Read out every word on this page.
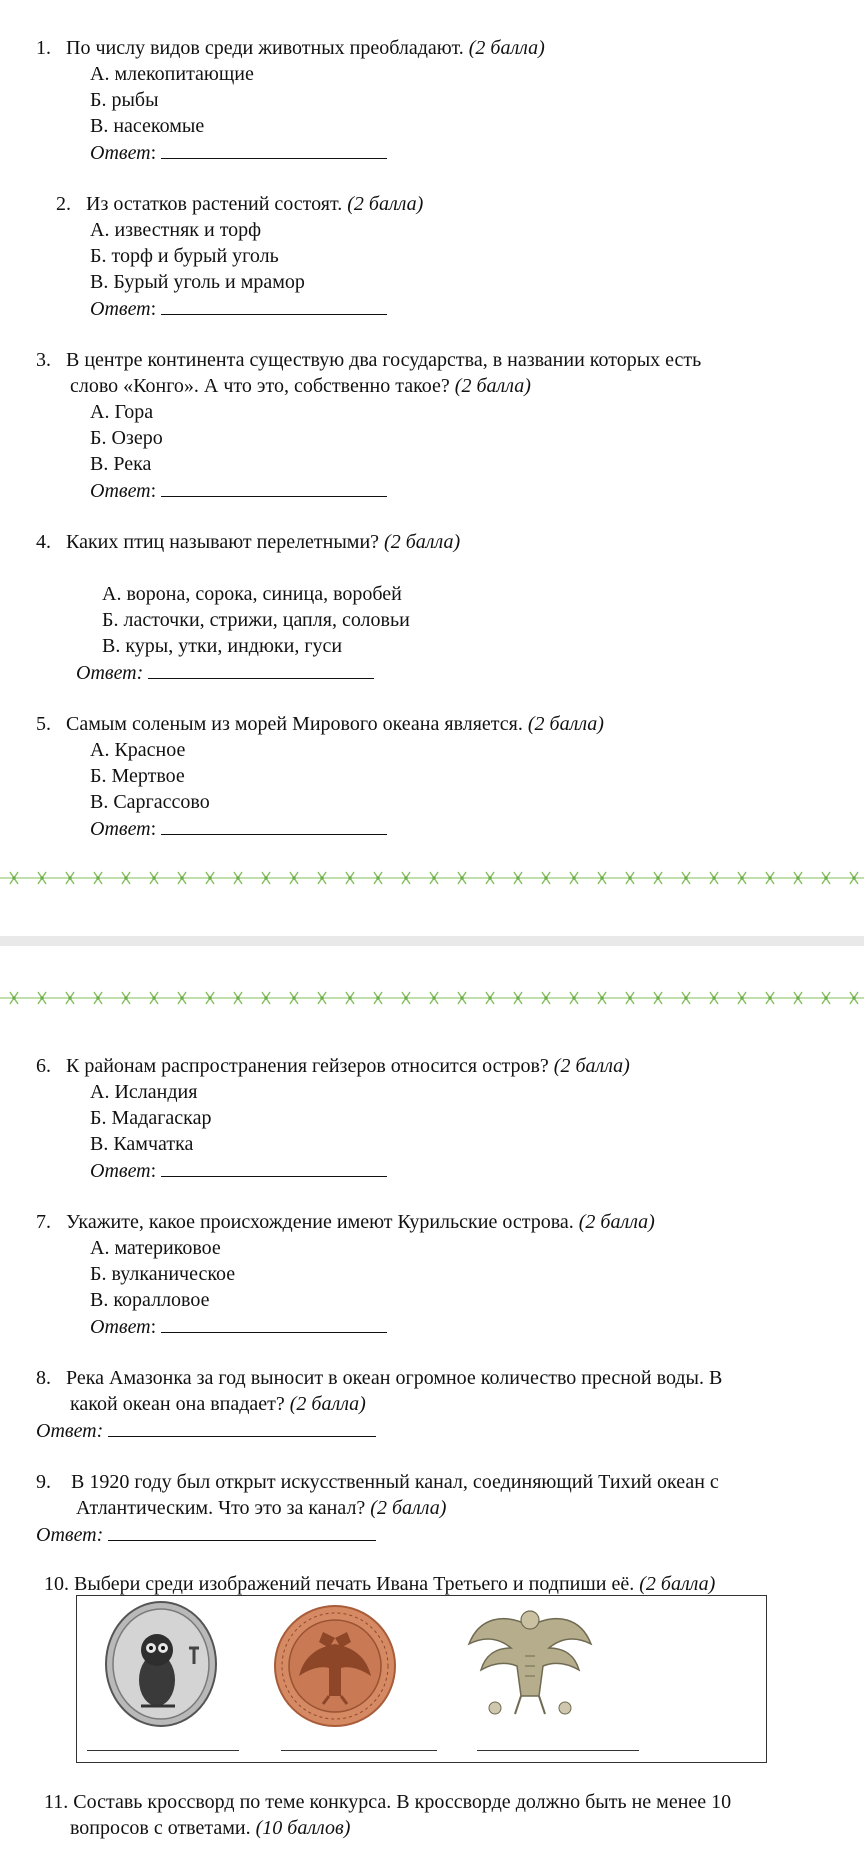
1. По числу видов среди животных преобладают. (2 балла)
А. млекопитающие
Б. рыбы
В. насекомые
Ответ:
2. Из остатков растений состоят. (2 балла)
А. известняк и торф
Б. торф и бурый уголь
В. Бурый уголь и мрамор
Ответ:
3. В центре континента существую два государства, в названии которых есть
слово «Конго». А что это, собственно такое? (2 балла)
А. Гора
Б. Озеро
В. Река
Ответ:
4. Каких птиц называют перелетными? (2 балла)
А. ворона, сорока, синица, воробей
Б. ласточки, стрижи, цапля, соловьи
В. куры, утки, индюки, гуси
Ответ:
5. Самым соленым из морей Мирового океана является. (2 балла)
А. Красное
Б. Мертвое
В. Саргассово
Ответ:
6. К районам распространения гейзеров относится остров? (2 балла)
А. Исландия
Б. Мадагаскар
В. Камчатка
Ответ:
7. Укажите, какое происхождение имеют Курильские острова. (2 балла)
А. материковое
Б. вулканическое
В. коралловое
Ответ:
8. Река Амазонка за год выносит в океан огромное количество пресной воды. В
какой океан она впадает? (2 балла)
Ответ:
9. В 1920 году был открыт искусственный канал, соединяющий Тихий океан с
Атлантическим. Что это за канал? (2 балла)
Ответ:
10. Выбери среди изображений печать Ивана Третьего и подпиши её. (2 балла)
11. Составь кроссворд по теме конкурса. В кроссворде должно быть не менее 10
вопросов с ответами. (10 баллов)
